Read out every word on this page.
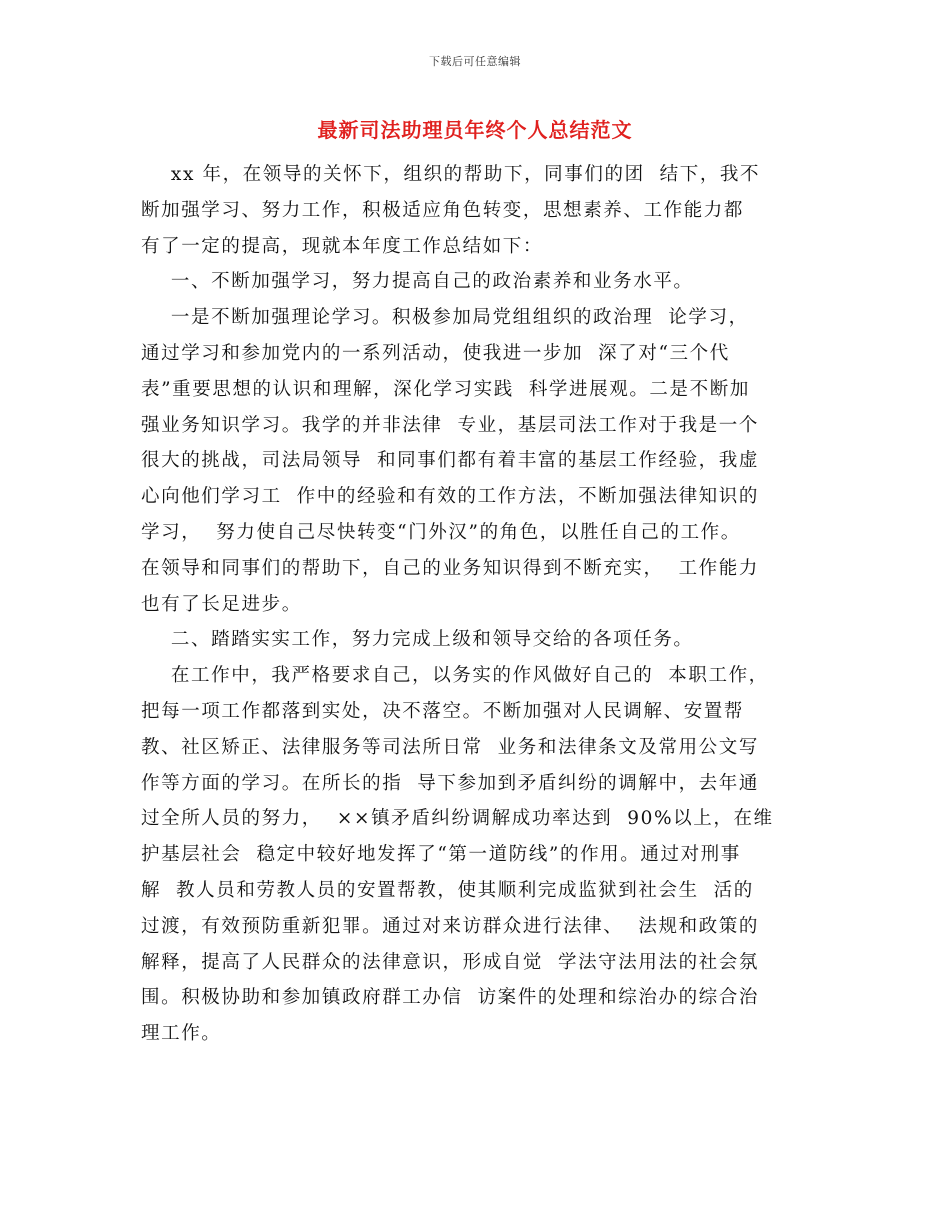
下载后可任意编辑
最新司法助理员年终个人总结范文
xx 年，在领导的关怀下，组织的帮助下，同事们的团  结下，我不
断加强学习、努力工作，积极适应角色转变，思想素养、工作能力都
有了一定的提高，现就本年度工作总结如下：
一、不断加强学习，努力提高自己的政治素养和业务水平。
一是不断加强理论学习。积极参加局党组组织的政治理  论学习，
通过学习和参加党内的一系列活动，使我进一步加  深了对“三个代
表”重要思想的认识和理解，深化学习实践  科学进展观。二是不断加
强业务知识学习。我学的并非法律  专业，基层司法工作对于我是一个
很大的挑战，司法局领导  和同事们都有着丰富的基层工作经验，我虚
心向他们学习工  作中的经验和有效的工作方法，不断加强法律知识的
学习，  努力使自己尽快转变“门外汉”的角色，以胜任自己的工作。
在领导和同事们的帮助下，自己的业务知识得到不断充实，  工作能力
也有了长足进步。
二、踏踏实实工作，努力完成上级和领导交给的各项任务。
在工作中，我严格要求自己，以务实的作风做好自己的  本职工作，
把每一项工作都落到实处，决不落空。不断加强对人民调解、安置帮
教、社区矫正、法律服务等司法所日常  业务和法律条文及常用公文写
作等方面的学习。在所长的指  导下参加到矛盾纠纷的调解中，去年通
过全所人员的努力，  ××镇矛盾纠纷调解成功率达到  90%以上，在维
护基层社会  稳定中较好地发挥了“第一道防线”的作用。通过对刑事
解  教人员和劳教人员的安置帮教，使其顺利完成监狱到社会生  活的
过渡，有效预防重新犯罪。通过对来访群众进行法律、  法规和政策的
解释，提高了人民群众的法律意识，形成自觉  学法守法用法的社会氛
围。积极协助和参加镇政府群工办信  访案件的处理和综治办的综合治
理工作。
